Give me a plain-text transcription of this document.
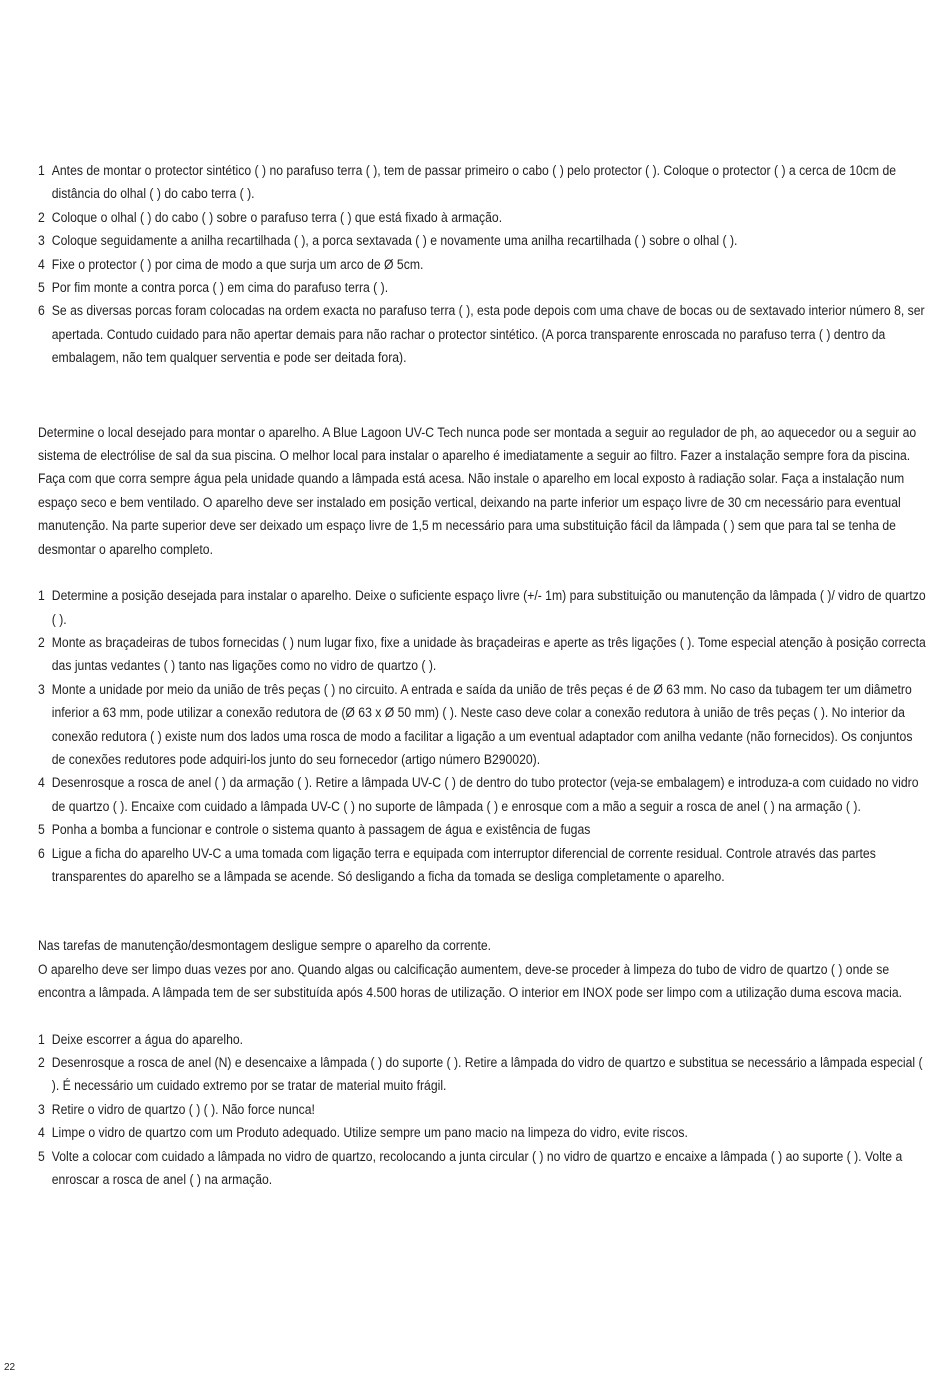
1 Antes de montar o protector sintético ( ) no parafuso terra ( ), tem de passar primeiro o cabo ( ) pelo protector ( ). Coloque o protector ( ) a cerca de 10cm de distância do olhal ( ) do cabo terra ( ).
2 Coloque o olhal ( ) do cabo ( ) sobre o parafuso terra ( ) que está fixado à armação.
3 Coloque seguidamente a anilha recartilhada ( ), a porca sextavada ( ) e novamente uma anilha recartilhada ( ) sobre o olhal ( ).
4 Fixe o protector ( ) por cima de modo a que surja um arco de Ø 5cm.
5 Por fim monte a contra porca ( ) em cima do parafuso terra ( ).
6 Se as diversas porcas foram colocadas na ordem exacta no parafuso terra ( ), esta pode depois com uma chave de bocas ou de sextavado interior número 8, ser apertada. Contudo cuidado para não apertar demais para não rachar o protector sintético. (A porca transparente enroscada no parafuso terra ( ) dentro da embalagem, não tem qualquer serventia e pode ser deitada fora).

Determine o local desejado para montar o aparelho. A Blue Lagoon UV-C Tech nunca pode ser montada a seguir ao regulador de ph, ao aquecedor ou a seguir ao sistema de electrólise de sal da sua piscina. O melhor local para instalar o aparelho é imediatamente a seguir ao filtro. Fazer a instalação sempre fora da piscina. Faça com que corra sempre água pela unidade quando a lâmpada está acesa. Não instale o aparelho em local exposto à radiação solar. Faça a instalação num espaço seco e bem ventilado. O aparelho deve ser instalado em posição vertical, deixando na parte inferior um espaço livre de 30 cm necessário para eventual manutenção. Na parte superior deve ser deixado um espaço livre de 1,5 m necessário para uma substituição fácil da lâmpada ( ) sem que para tal se tenha de desmontar o aparelho completo.

1 Determine a posição desejada para instalar o aparelho. Deixe o suficiente espaço livre (+/- 1m) para substituição ou manutenção da lâmpada ( )/ vidro de quartzo ( ).
2 Monte as braçadeiras de tubos fornecidas ( ) num lugar fixo, fixe a unidade às braçadeiras e aperte as três ligações ( ). Tome especial atenção à posição correcta das juntas vedantes ( ) tanto nas ligações como no vidro de quartzo ( ).
3 Monte a unidade por meio da união de três peças ( ) no circuito. A entrada e saída da união de três peças é de Ø 63 mm. No caso da tubagem ter um diâmetro inferior a 63 mm, pode utilizar a conexão redutora de (Ø 63 x Ø 50 mm) ( ). Neste caso deve colar a conexão redutora à união de três peças ( ). No interior da conexão redutora ( ) existe num dos lados uma rosca de modo a facilitar a ligação a um eventual adaptador com anilha vedante (não fornecidos). Os conjuntos de conexões redutores pode adquiri-los junto do seu fornecedor (artigo número B290020).
4 Desenrosque a rosca de anel ( ) da armação ( ). Retire a lâmpada UV-C ( ) de dentro do tubo protector (veja-se embalagem) e introduza-a com cuidado no vidro de quartzo ( ). Encaixe com cuidado a lâmpada UV-C ( ) no suporte de lâmpada ( ) e enrosque com a mão a seguir a rosca de anel ( ) na armação ( ).
5 Ponha a bomba a funcionar e controle o sistema quanto à passagem de água e existência de fugas
6 Ligue a ficha do aparelho UV-C a uma tomada com ligação terra e equipada com interruptor diferencial de corrente residual. Controle através das partes transparentes do aparelho se a lâmpada se acende. Só desligando a ficha da tomada se desliga completamente o aparelho.

Nas tarefas de manutenção/desmontagem desligue sempre o aparelho da corrente.

O aparelho deve ser limpo duas vezes por ano. Quando algas ou calcificação aumentem, deve-se proceder à limpeza do tubo de vidro de quartzo ( ) onde se encontra a lâmpada. A lâmpada tem de ser substituída após 4.500 horas de utilização. O interior em INOX pode ser limpo com a utilização duma escova macia.

1 Deixe escorrer a água do aparelho.
2 Desenrosque a rosca de anel (N) e desencaixe a lâmpada ( ) do suporte ( ). Retire a lâmpada do vidro de quartzo e substitua se necessário a lâmpada especial ( ). É necessário um cuidado extremo por se tratar de material muito frágil.
3 Retire o vidro de quartzo ( ) ( ). Não force nunca!
4 Limpe o vidro de quartzo com um Produto adequado. Utilize sempre um pano macio na limpeza do vidro, evite riscos.
5 Volte a colocar com cuidado a lâmpada no vidro de quartzo, recolocando a junta circular ( ) no vidro de quartzo e encaixe a lâmpada ( ) ao suporte ( ). Volte a enroscar a rosca de anel ( ) na armação.
22
